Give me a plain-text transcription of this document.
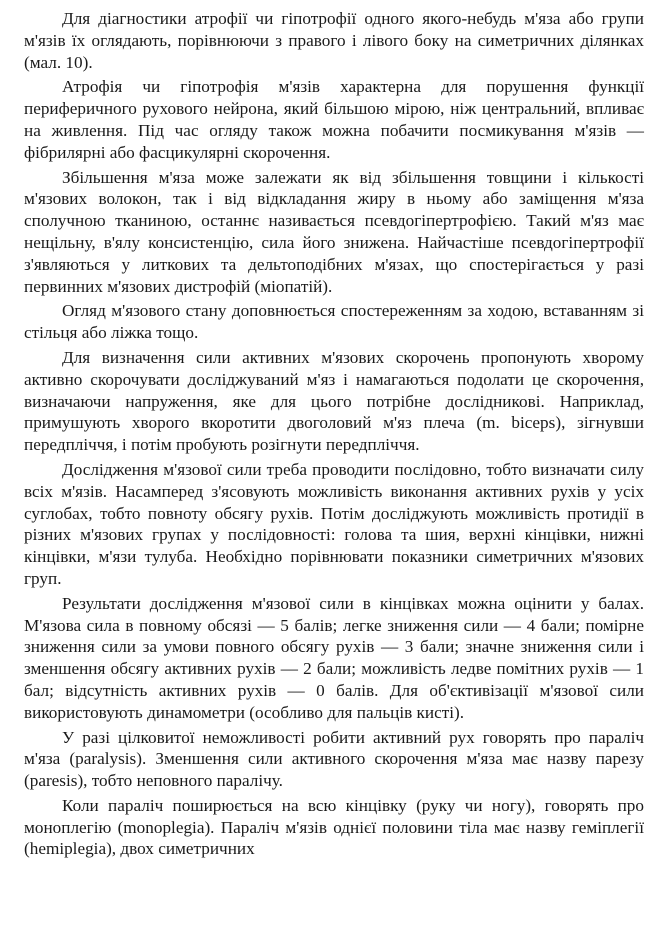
Для діагностики атрофії чи гіпотрофії одного якого-небудь м'яза або групи м'язів їх оглядають, порівнюючи з правого і лівого боку на симетричних ділянках (мал. 10).

Атрофія чи гіпотрофія м'язів характерна для порушення функції периферичного рухового нейрона, який більшою мірою, ніж центральний, впливає на живлення. Під час огляду також можна побачити посмикування м'язів — фібрилярні або фасцикулярні скорочення.

Збільшення м'яза може залежати як від збільшення товщини і кількості м'язових волокон, так і від відкладання жиру в ньому або заміщення м'яза сполучною тканиною, останнє називається псевдогіпертрофією. Такий м'яз має нещільну, в'ялу консистенцію, сила його знижена. Найчастіше псевдогіпертрофії з'являються у литкових та дельтоподібних м'язах, що спостерігається у разі первинних м'язових дистрофій (міопатій).

Огляд м'язового стану доповнюється спостереженням за ходою, вставанням зі стільця або ліжка тощо.

Для визначення сили активних м'язових скорочень пропонують хворому активно скорочувати досліджуваний м'яз і намагаються подолати це скорочення, визначаючи напруження, яке для цього потрібне дослідникові. Наприклад, примушують хворого вкоротити двоголовий м'яз плеча (m. biceps), зігнувши передпліччя, і потім пробують розігнути передпліччя.

Дослідження м'язової сили треба проводити послідовно, тобто визначати силу всіх м'язів. Насамперед з'ясовують можливість виконання активних рухів у усіх суглобах, тобто повноту обсягу рухів. Потім досліджують можливість протидії в різних м'язових групах у послідовності: голова та шия, верхні кінцівки, нижні кінцівки, м'язи тулуба. Необхідно порівнювати показники симетричних м'язових груп.

Результати дослідження м'язової сили в кінцівках можна оцінити у балах. М'язова сила в повному обсязі — 5 балів; легке зниження сили — 4 бали; помірне зниження сили за умови повного обсягу рухів — 3 бали; значне зниження сили і зменшення обсягу активних рухів — 2 бали; можливість ледве помітних рухів — 1 бал; відсутність активних рухів — 0 балів. Для об'єктивізації м'язової сили використовують динамометри (особливо для пальців кисті).

У разі цілковитої неможливості робити активний рух говорять про параліч м'яза (paralysis). Зменшення сили активного скорочення м'яза має назву парезу (paresis), тобто неповного паралічу.

Коли параліч поширюється на всю кінцівку (руку чи ногу), говорять про моноплегію (monoplegia). Параліч м'язів однієї половини тіла має назву геміплегії (hemiplegia), двох симетричних
